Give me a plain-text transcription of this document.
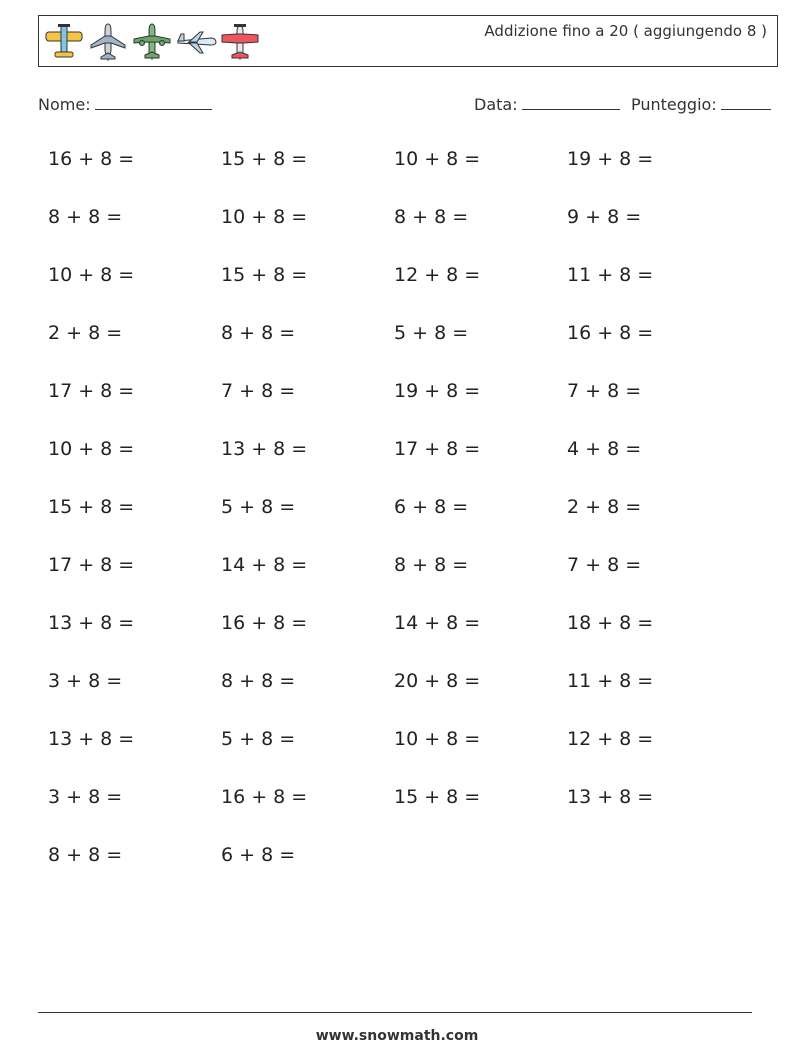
Addizione fino a 20 ( aggiungendo 8 )
Nome:	Data:	Punteggio:
16 + 8 =	15 + 8 =	10 + 8 =	19 + 8 =
8 + 8 =	10 + 8 =	8 + 8 =	9 + 8 =
10 + 8 =	15 + 8 =	12 + 8 =	11 + 8 =
2 + 8 =	8 + 8 =	5 + 8 =	16 + 8 =
17 + 8 =	7 + 8 =	19 + 8 =	7 + 8 =
10 + 8 =	13 + 8 =	17 + 8 =	4 + 8 =
15 + 8 =	5 + 8 =	6 + 8 =	2 + 8 =
17 + 8 =	14 + 8 =	8 + 8 =	7 + 8 =
13 + 8 =	16 + 8 =	14 + 8 =	18 + 8 =
3 + 8 =	8 + 8 =	20 + 8 =	11 + 8 =
13 + 8 =	5 + 8 =	10 + 8 =	12 + 8 =
3 + 8 =	16 + 8 =	15 + 8 =	13 + 8 =
8 + 8 =	6 + 8 =
www.snowmath.com
